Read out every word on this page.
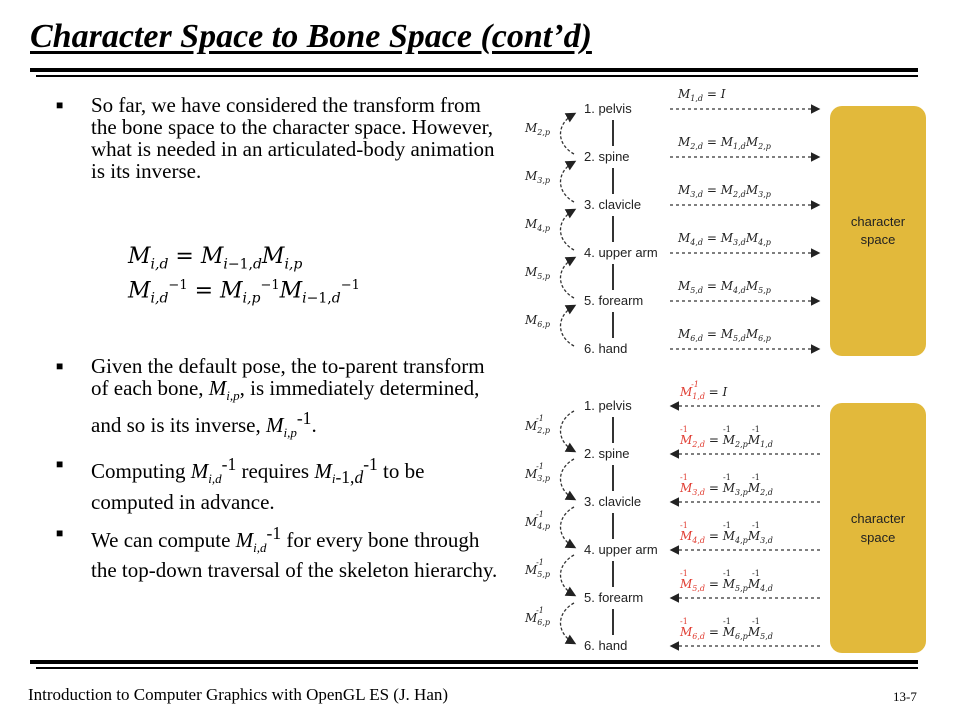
Character Space to Bone Space (cont’d)
■ So far, we have considered the transform from the bone space to the character space. However, what is needed in an articulated-body animation is its inverse.
$M_{i,d} = M_{i-1,d}M_{i,p}$
$M_{i,d}^{-1} = M_{i,p}^{-1}M_{i-1,d}^{-1}$
■ Given the default pose, the to-parent transform of each bone, $M_{i,p}$, is immediately determined, and so is its inverse, $M_{i,p}^{-1}$.
■ Computing $M_{i,d}^{-1}$ requires $M_{i-1,d}^{-1}$ to be computed in advance.
■ We can compute $M_{i,d}^{-1}$ for every bone through the top-down traversal of the skeleton hierarchy.
1. pelvis
2. spine
3. clavicle
4. upper arm
5. forearm
6. hand
$M_{2,p}$
$M_{3,p}$
$M_{4,p}$
$M_{5,p}$
$M_{6,p}$
$M_{1,d} = I$
$M_{2,d} = M_{1,d}M_{2,p}$
$M_{3,d} = M_{2,d}M_{3,p}$
$M_{4,d} = M_{3,d}M_{4,p}$
$M_{5,d} = M_{4,d}M_{5,p}$
$M_{6,d} = M_{5,d}M_{6,p}$
character
space
1. pelvis
2. spine
3. clavicle
4. upper arm
5. forearm
6. hand
$M_{2,p}-1$
$M_{3,p}-1$
$M_{4,p}-1$
$M_{5,p}-1$
$M_{6,p}-1$
$M_{1,d}-1 = I$
$M_{2,d} = M_{2,p}M_{1,d}$
$M_{3,d} = M_{3,p}M_{2,d}$
$M_{4,d} = M_{4,p}M_{3,d}$
$M_{5,d} = M_{5,p}M_{4,d}$
$M_{6,d} = M_{6,p}M_{5,d}$
-1	-1	-1
-1	-1	-1
-1	-1	-1
-1	-1	-1
-1	-1	-1
character
space
Introduction to Computer Graphics with OpenGL ES (J. Han)	13-7
